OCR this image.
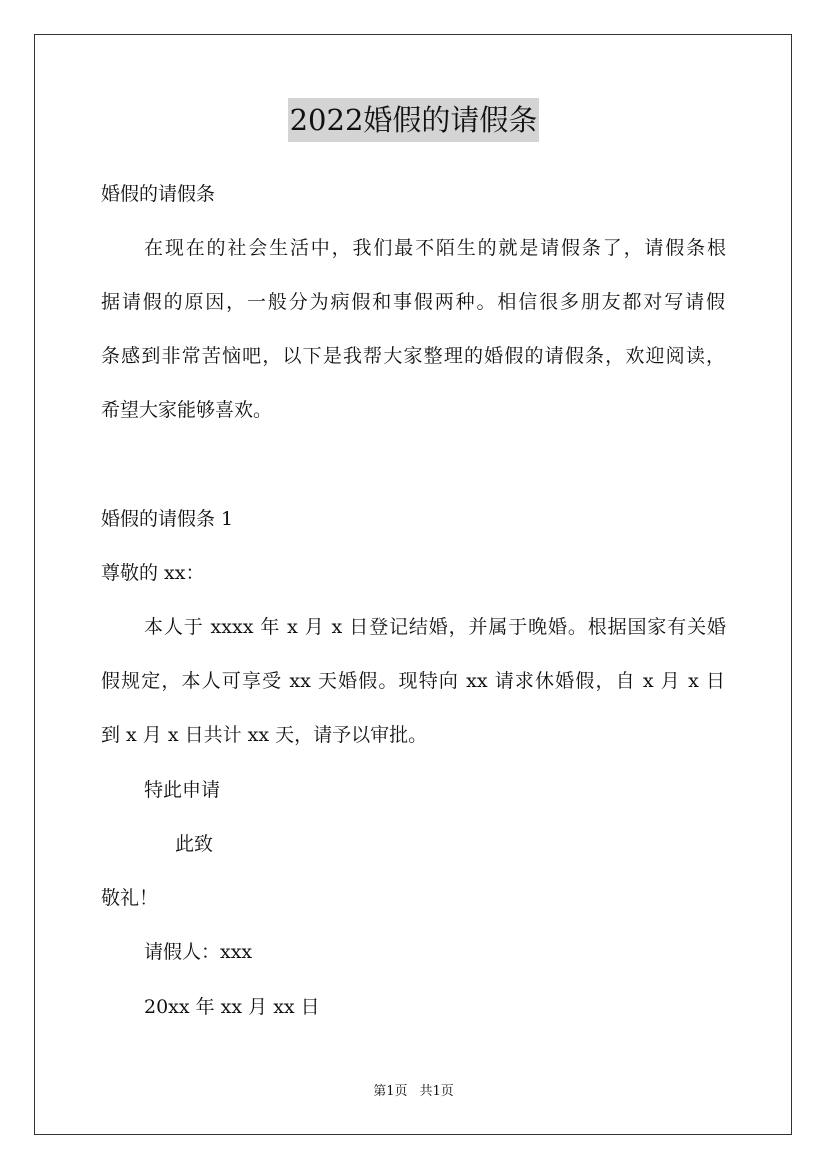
2022婚假的请假条
婚假的请假条
在现在的社会生活中，我们最不陌生的就是请假条了，请假条根
据请假的原因，一般分为病假和事假两种。相信很多朋友都对写请假
条感到非常苦恼吧，以下是我帮大家整理的婚假的请假条，欢迎阅读，
希望大家能够喜欢。
婚假的请假条 1
尊敬的 xx：
本人于 xxxx 年 x 月 x 日登记结婚，并属于晚婚。根据国家有关婚
假规定，本人可享受 xx 天婚假。现特向 xx 请求休婚假，自 x 月 x 日
到 x 月 x 日共计 xx 天，请予以审批。
特此申请
此致
敬礼！
请假人：xxx
20xx 年 xx 月 xx 日
第1页 共1页
